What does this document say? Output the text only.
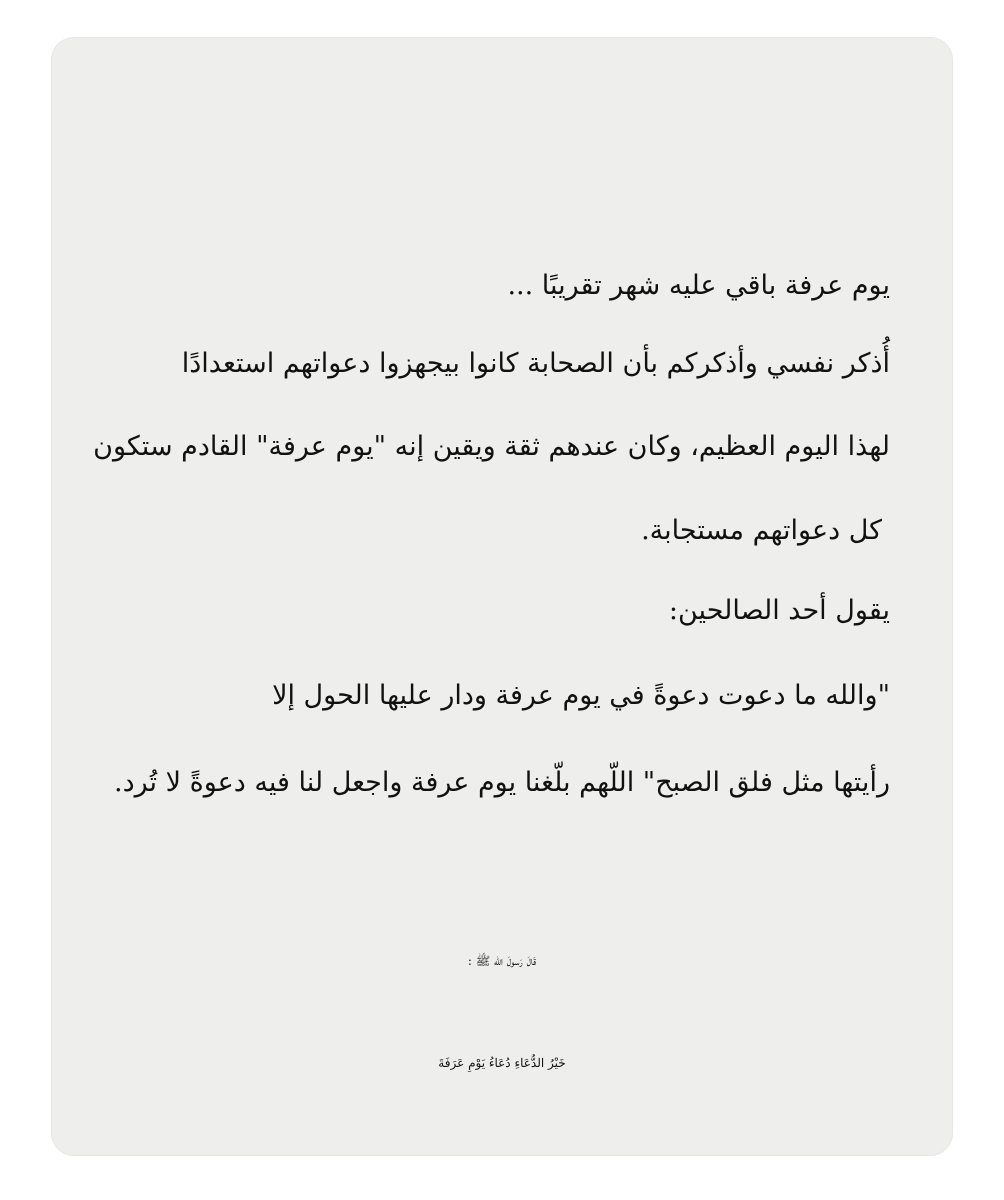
يوم عرفة باقي عليه شهر تقريبًا ...
أُذكر نفسي وأذكركم بأن الصحابة كانوا بيجهزوا دعواتهم استعدادًا
لهذا اليوم العظيم، وكان عندهم ثقة ويقين إنه "يوم عرفة" القادم ستكون
كل دعواتهم مستجابة.
يقول أحد الصالحين:
"والله ما دعوت دعوةً في يوم عرفة ودار عليها الحول إلا
رأيتها مثل فلق الصبح" اللّهم بلّغنا يوم عرفة واجعل لنا فيه دعوةً لا تُرد.
قَالَ رَسولَ الله ﷺ :
خَيْرُ الدُّعَاءِ دُعَاءُ يَوْمِ عَرَفَةَ
